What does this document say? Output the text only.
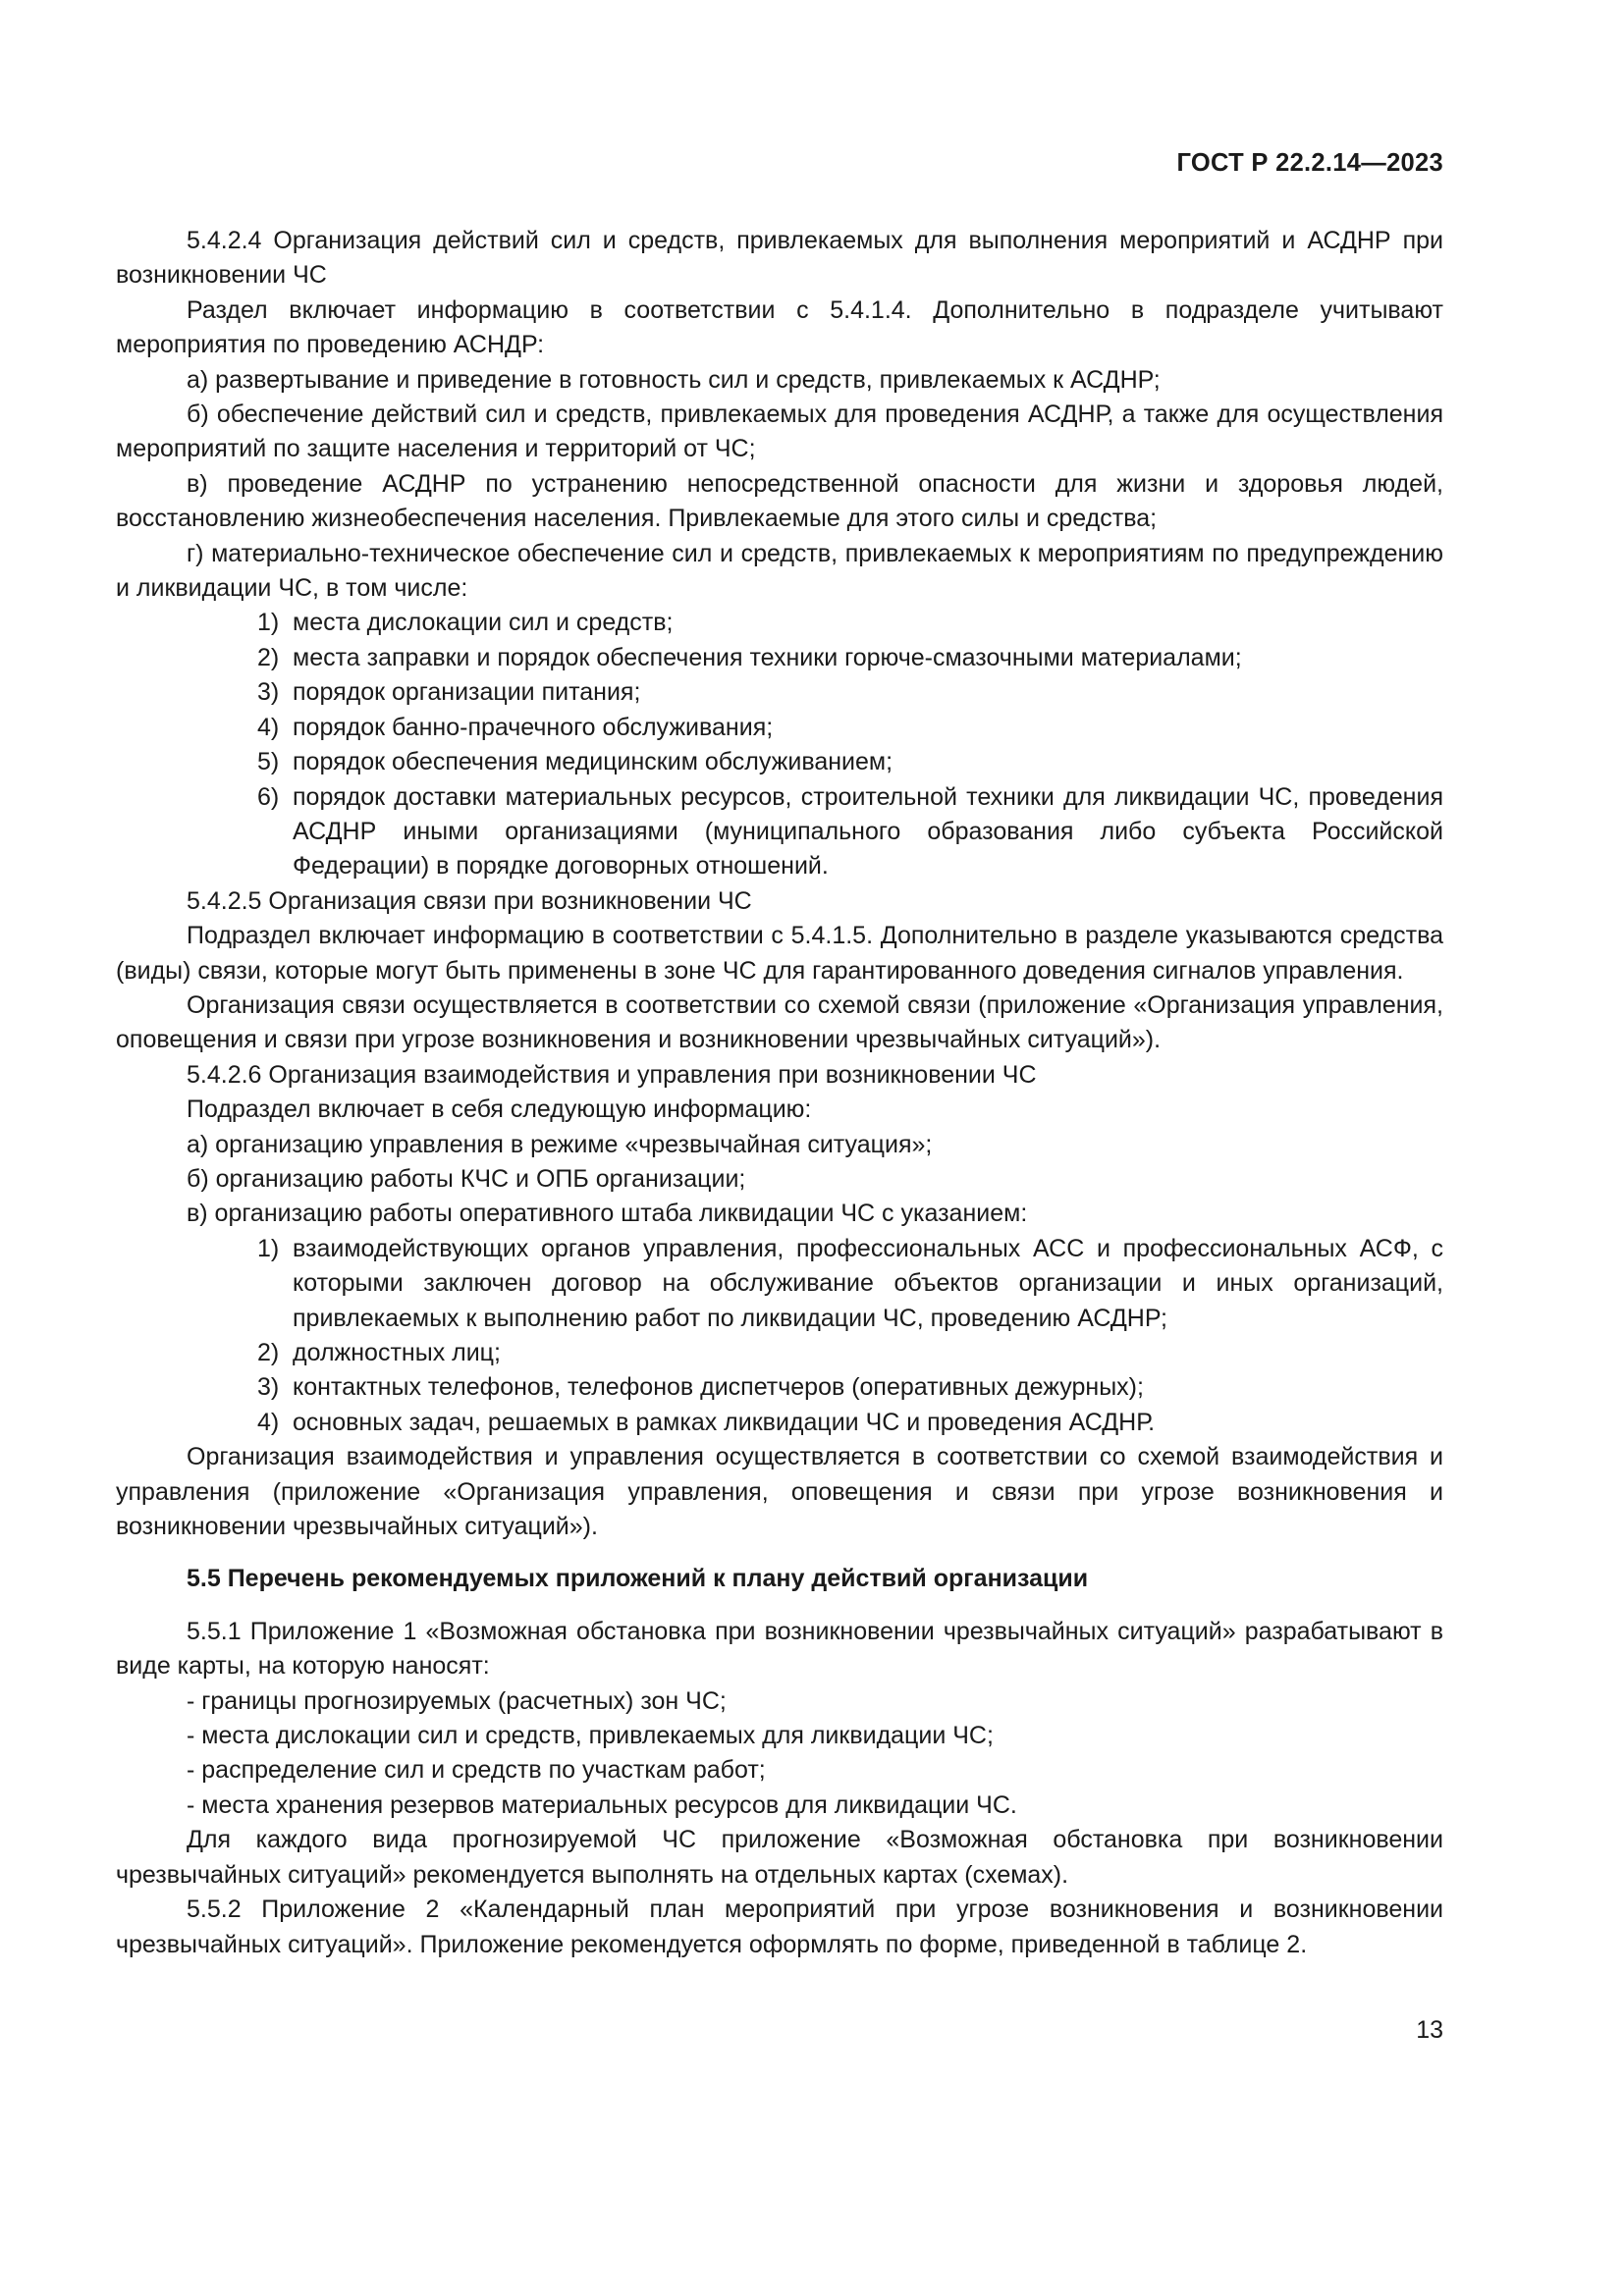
ГОСТ Р 22.2.14—2023

5.4.2.4 Организация действий сил и средств, привлекаемых для выполнения мероприятий и АСДНР при возникновении ЧС

Раздел включает информацию в соответствии с 5.4.1.4. Дополнительно в подразделе учитывают мероприятия по проведению АСНДР:

а) развертывание и приведение в готовность сил и средств, привлекаемых к АСДНР;

б) обеспечение действий сил и средств, привлекаемых для проведения АСДНР, а также для осуществления мероприятий по защите населения и территорий от ЧС;

в) проведение АСДНР по устранению непосредственной опасности для жизни и здоровья людей, восстановлению жизнеобеспечения населения. Привлекаемые для этого силы и средства;

г) материально-техническое обеспечение сил и средств, привлекаемых к мероприятиям по предупреждению и ликвидации ЧС, в том числе:

1) места дислокации сил и средств;
2) места заправки и порядок обеспечения техники горюче-смазочными материалами;
3) порядок организации питания;
4) порядок банно-прачечного обслуживания;
5) порядок обеспечения медицинским обслуживанием;
6) порядок доставки материальных ресурсов, строительной техники для ликвидации ЧС, проведения АСДНР иными организациями (муниципального образования либо субъекта Российской Федерации) в порядке договорных отношений.

5.4.2.5 Организация связи при возникновении ЧС

Подраздел включает информацию в соответствии с 5.4.1.5. Дополнительно в разделе указываются средства (виды) связи, которые могут быть применены в зоне ЧС для гарантированного доведения сигналов управления.

Организация связи осуществляется в соответствии со схемой связи (приложение «Организация управления, оповещения и связи при угрозе возникновения и возникновении чрезвычайных ситуаций»).

5.4.2.6 Организация взаимодействия и управления при возникновении ЧС

Подраздел включает в себя следующую информацию:

а) организацию управления в режиме «чрезвычайная ситуация»;

б) организацию работы КЧС и ОПБ организации;

в) организацию работы оперативного штаба ликвидации ЧС с указанием:

1) взаимодействующих органов управления, профессиональных АСС и профессиональных АСФ, с которыми заключен договор на обслуживание объектов организации и иных организаций, привлекаемых к выполнению работ по ликвидации ЧС, проведению АСДНР;
2) должностных лиц;
3) контактных телефонов, телефонов диспетчеров (оперативных дежурных);
4) основных задач, решаемых в рамках ликвидации ЧС и проведения АСДНР.

Организация взаимодействия и управления осуществляется в соответствии со схемой взаимодействия и управления (приложение «Организация управления, оповещения и связи при угрозе возникновения и возникновении чрезвычайных ситуаций»).

5.5 Перечень рекомендуемых приложений к плану действий организации

5.5.1 Приложение 1 «Возможная обстановка при возникновении чрезвычайных ситуаций» разрабатывают в виде карты, на которую наносят:

- границы прогнозируемых (расчетных) зон ЧС;

- места дислокации сил и средств, привлекаемых для ликвидации ЧС;

- распределение сил и средств по участкам работ;

- места хранения резервов материальных ресурсов для ликвидации ЧС.

Для каждого вида прогнозируемой ЧС приложение «Возможная обстановка при возникновении чрезвычайных ситуаций» рекомендуется выполнять на отдельных картах (схемах).

5.5.2 Приложение 2 «Календарный план мероприятий при угрозе возникновения и возникновении чрезвычайных ситуаций». Приложение рекомендуется оформлять по форме, приведенной в таблице 2.

13
